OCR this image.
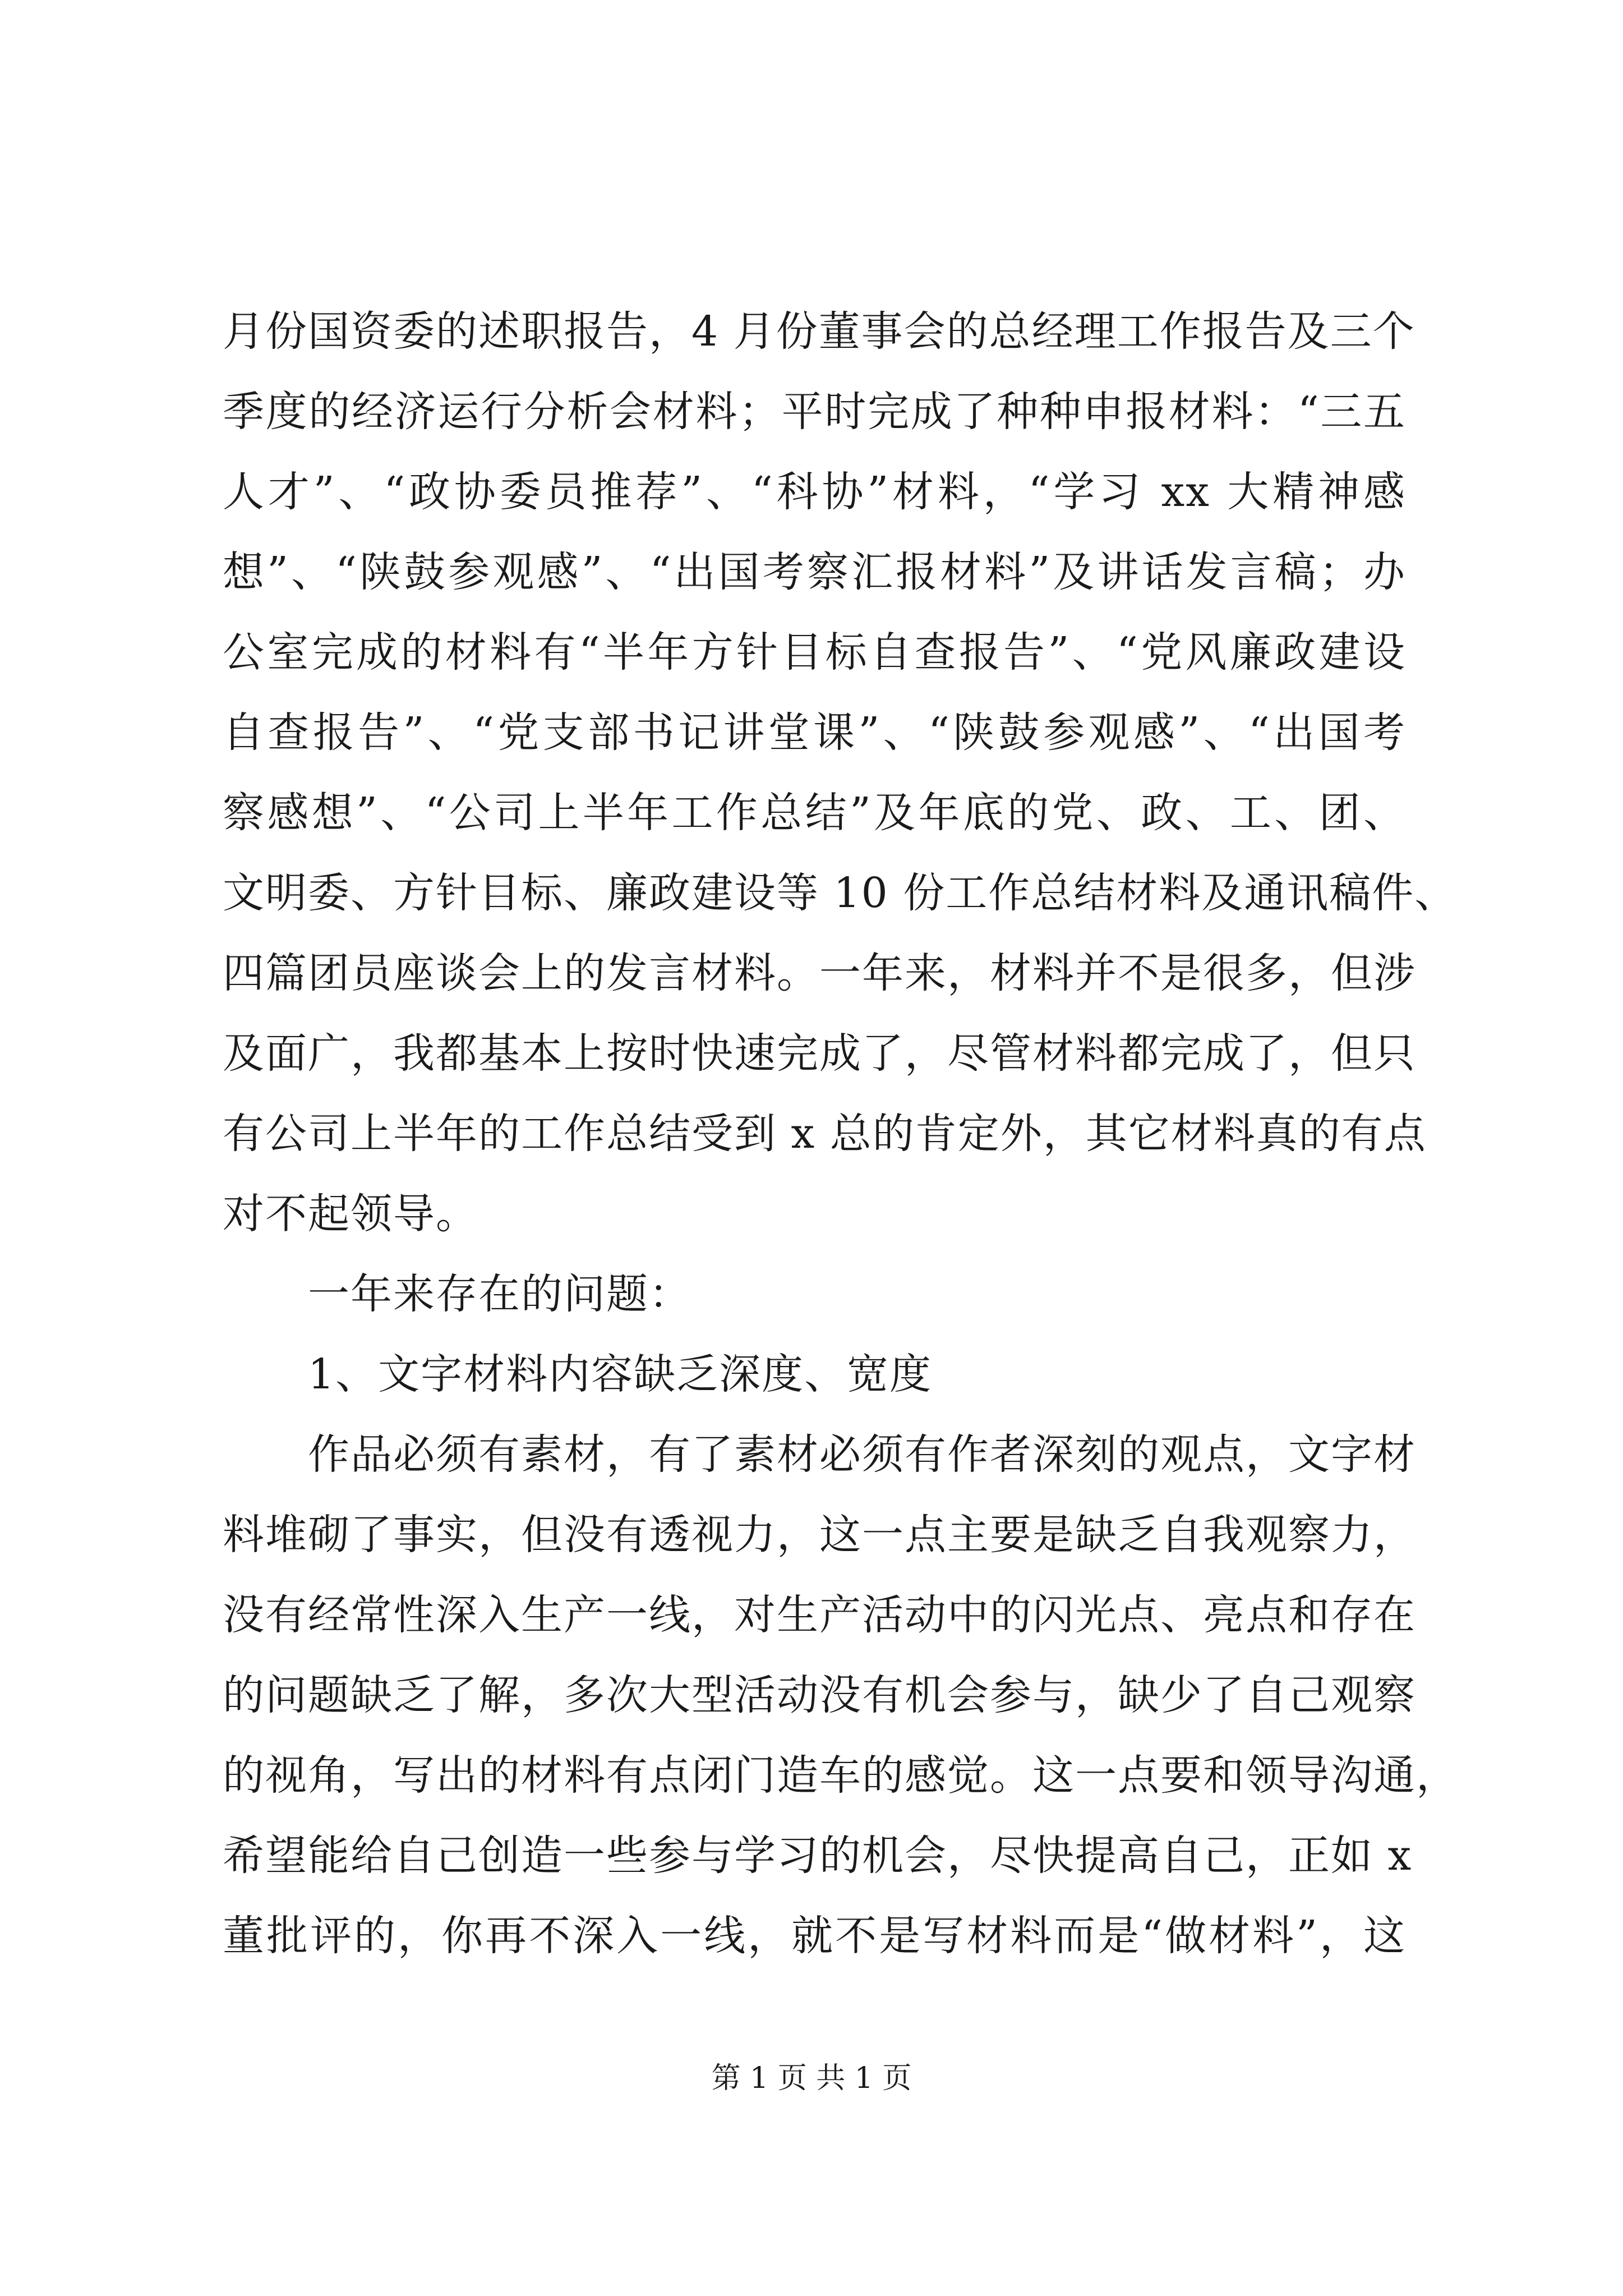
月份国资委的述职报告，4 月份董事会的总经理工作报告及三个
季度的经济运行分析会材料；平时完成了种种申报材料：“三五
人才”、“政协委员推荐”、“科协”材料，“学习 xx 大精神感
想”、“陕鼓参观感”、“出国考察汇报材料”及讲话发言稿；办
公室完成的材料有“半年方针目标自查报告”、“党风廉政建设
自查报告”、“党支部书记讲堂课”、“陕鼓参观感”、“出国考
察感想”、“公司上半年工作总结”及年底的党、政、工、团、
文明委、方针目标、廉政建设等 10 份工作总结材料及通讯稿件、
四篇团员座谈会上的发言材料。一年来，材料并不是很多，但涉
及面广，我都基本上按时快速完成了，尽管材料都完成了，但只
有公司上半年的工作总结受到 x 总的肯定外，其它材料真的有点
对不起领导。
一年来存在的问题：
1、文字材料内容缺乏深度、宽度
作品必须有素材，有了素材必须有作者深刻的观点，文字材
料堆砌了事实，但没有透视力，这一点主要是缺乏自我观察力，
没有经常性深入生产一线，对生产活动中的闪光点、亮点和存在
的问题缺乏了解，多次大型活动没有机会参与，缺少了自己观察
的视角，写出的材料有点闭门造车的感觉。这一点要和领导沟通，
希望能给自己创造一些参与学习的机会，尽快提高自己，正如 x
董批评的，你再不深入一线，就不是写材料而是“做材料”，这
第 1 页 共 1 页
